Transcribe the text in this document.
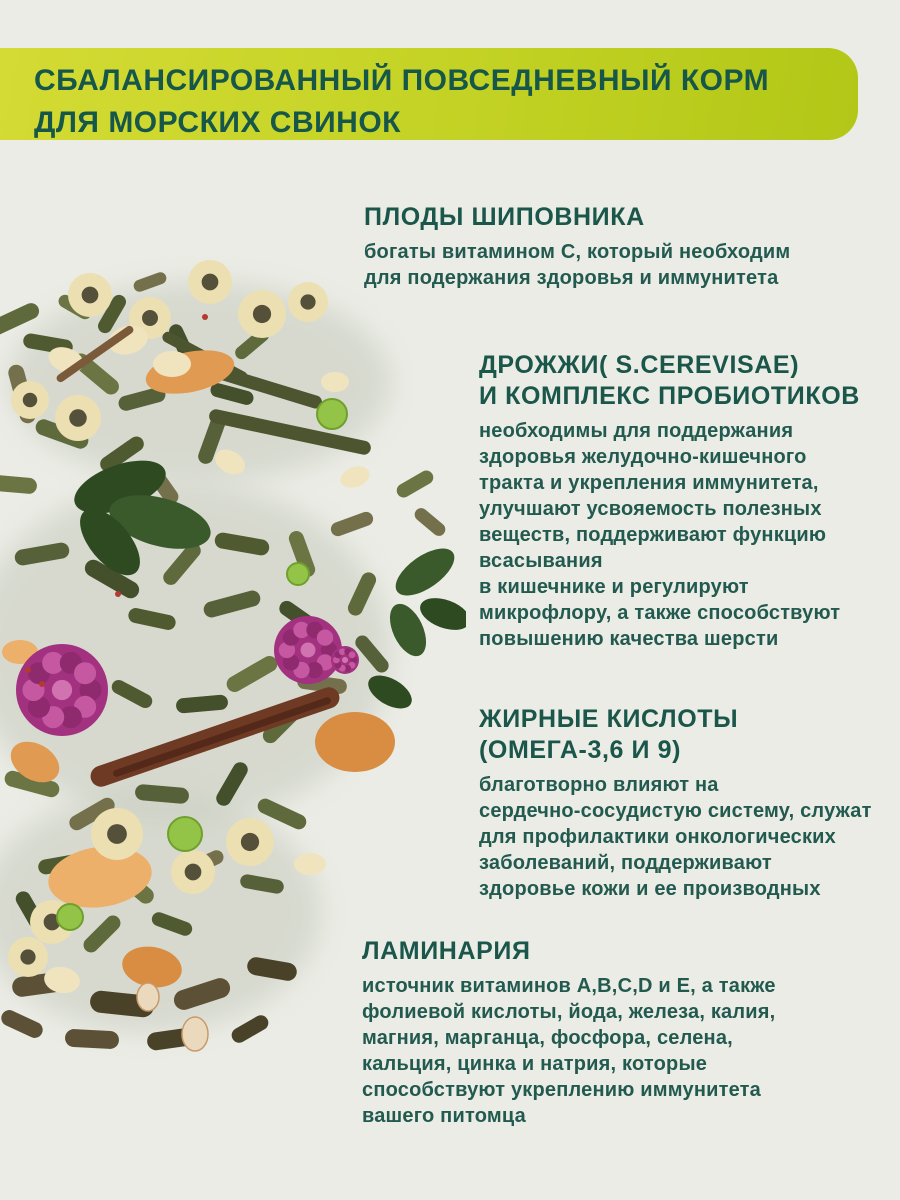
СБАЛАНСИРОВАННЫЙ ПОВСЕДНЕВНЫЙ КОРМ
ДЛЯ МОРСКИХ СВИНОК
ПЛОДЫ ШИПОВНИКА
богаты витамином C, который необходим
для подержания здоровья и иммунитета
ДРОЖЖИ( S.CEREVISAE)
И КОМПЛЕКС ПРОБИОТИКОВ
необходимы для поддержания
здоровья желудочно-кишечного
тракта и укрепления иммунитета,
улучшают усвояемость полезных
веществ, поддерживают функцию
всасывания
в кишечнике и регулируют
микрофлору, а также способствуют
повышению качества шерсти
ЖИРНЫЕ КИСЛОТЫ
(ОМЕГА-3,6 И 9)
благотворно влияют на
сердечно-сосудистую систему, служат
для профилактики онкологических
заболеваний, поддерживают
здоровье кожи и ее производных
ЛАМИНАРИЯ
источник витаминов A,B,C,D и E, а также
фолиевой кислоты, йода, железа, калия,
магния, марганца, фосфора, селена,
кальция, цинка и натрия, которые
способствуют укреплению иммунитета
вашего питомца
